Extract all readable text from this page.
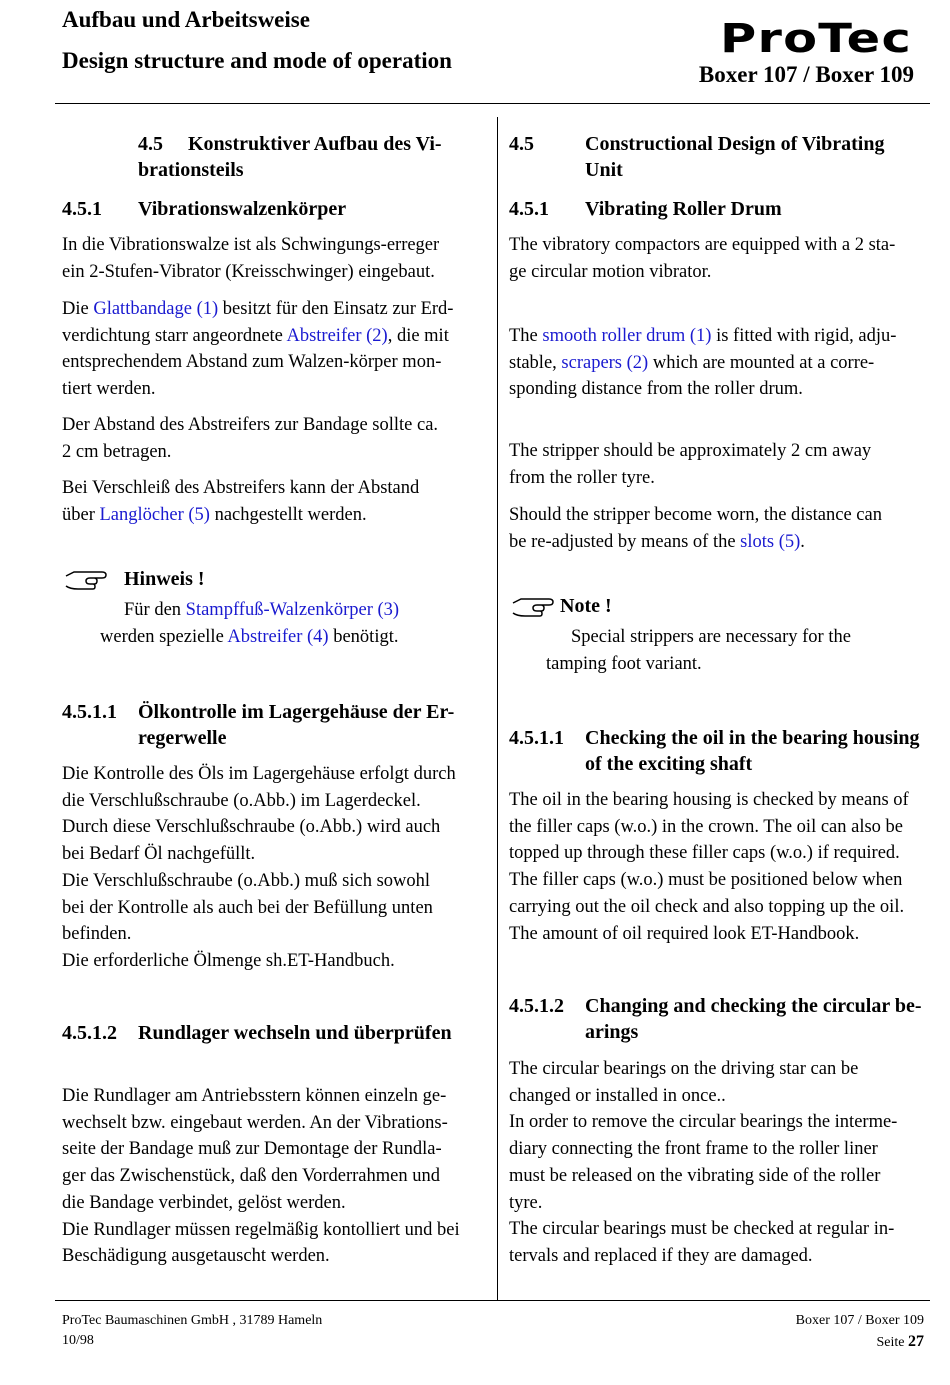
Aufbau und Arbeitsweise
Design structure and mode of operation	ProTec
Boxer 107 / Boxer 109
4.5 Konstruktiver Aufbau des Vi-
brationsteils
4.5.1 Vibrationswalzenkörper
In die Vibrationswalze ist als Schwingungs-erreger
ein 2-Stufen-Vibrator (Kreisschwinger) eingebaut.
Die Glattbandage (1) besitzt für den Einsatz zur Erd-
verdichtung starr angeordnete Abstreifer (2), die mit
entsprechendem Abstand zum Walzen-körper mon-
tiert werden.
Der Abstand des Abstreifers zur Bandage sollte ca.
2 cm betragen.
Bei Verschleiß des Abstreifers kann der Abstand
über Langlöcher (5) nachgestellt werden.
Hinweis !
Für den Stampffuß-Walzenkörper (3)
werden spezielle Abstreifer (4) benötigt.
4.5.1.1 Ölkontrolle im Lagergehäuse der Er-
regerwelle
Die Kontrolle des Öls im Lagergehäuse erfolgt durch
die Verschlußschraube (o.Abb.) im Lagerdeckel.
Durch diese Verschlußschraube (o.Abb.) wird auch
bei Bedarf Öl nachgefüllt.
Die Verschlußschraube (o.Abb.) muß sich sowohl
bei der Kontrolle als auch bei der Befüllung unten
befinden.
Die erforderliche Ölmenge sh.ET-Handbuch.
4.5.1.2 Rundlager wechseln und überprüfen
Die Rundlager am Antriebsstern können einzeln ge-
wechselt bzw. eingebaut werden. An der Vibrations-
seite der Bandage muß zur Demontage der Rundla-
ger das Zwischenstück, daß den Vorderrahmen und
die Bandage verbindet, gelöst werden.
Die Rundlager müssen regelmäßig kontolliert und bei
Beschädigung ausgetauscht werden.
4.5	Constructional Design of Vibrating
Unit
4.5.1 Vibrating Roller Drum
The vibratory compactors are equipped with a 2 sta-
ge circular motion vibrator.
The smooth roller drum (1) is fitted with rigid, adju-
stable, scrapers (2) which are mounted at a corre-
sponding distance from the roller drum.
The stripper should be approximately 2 cm away
from the roller tyre.
Should the stripper become worn, the distance can
be re-adjusted by means of the slots (5).
Note !
Special strippers are necessary for the
tamping foot variant.
4.5.1.1 Checking the oil in the bearing housing
of the exciting shaft
The oil in the bearing housing is checked by means of
the filler caps (w.o.) in the crown. The oil can also be
topped up through these filler caps (w.o.) if required.
The filler caps (w.o.) must be positioned below when
carrying out the oil check and also topping up the oil.
The amount of oil required look ET-Handbook.
4.5.1.2 Changing and checking the circular be-
arings
The circular bearings on the driving star can be
changed or installed in once..
In order to remove the circular bearings the interme-
diary connecting the front frame to the roller liner
must be released on the vibrating side of the roller
tyre.
The circular bearings must be checked at regular in-
tervals and replaced if they are damaged.
ProTec Baumaschinen GmbH , 31789 Hameln
10/98
Boxer 107 / Boxer 109
Seite 27
